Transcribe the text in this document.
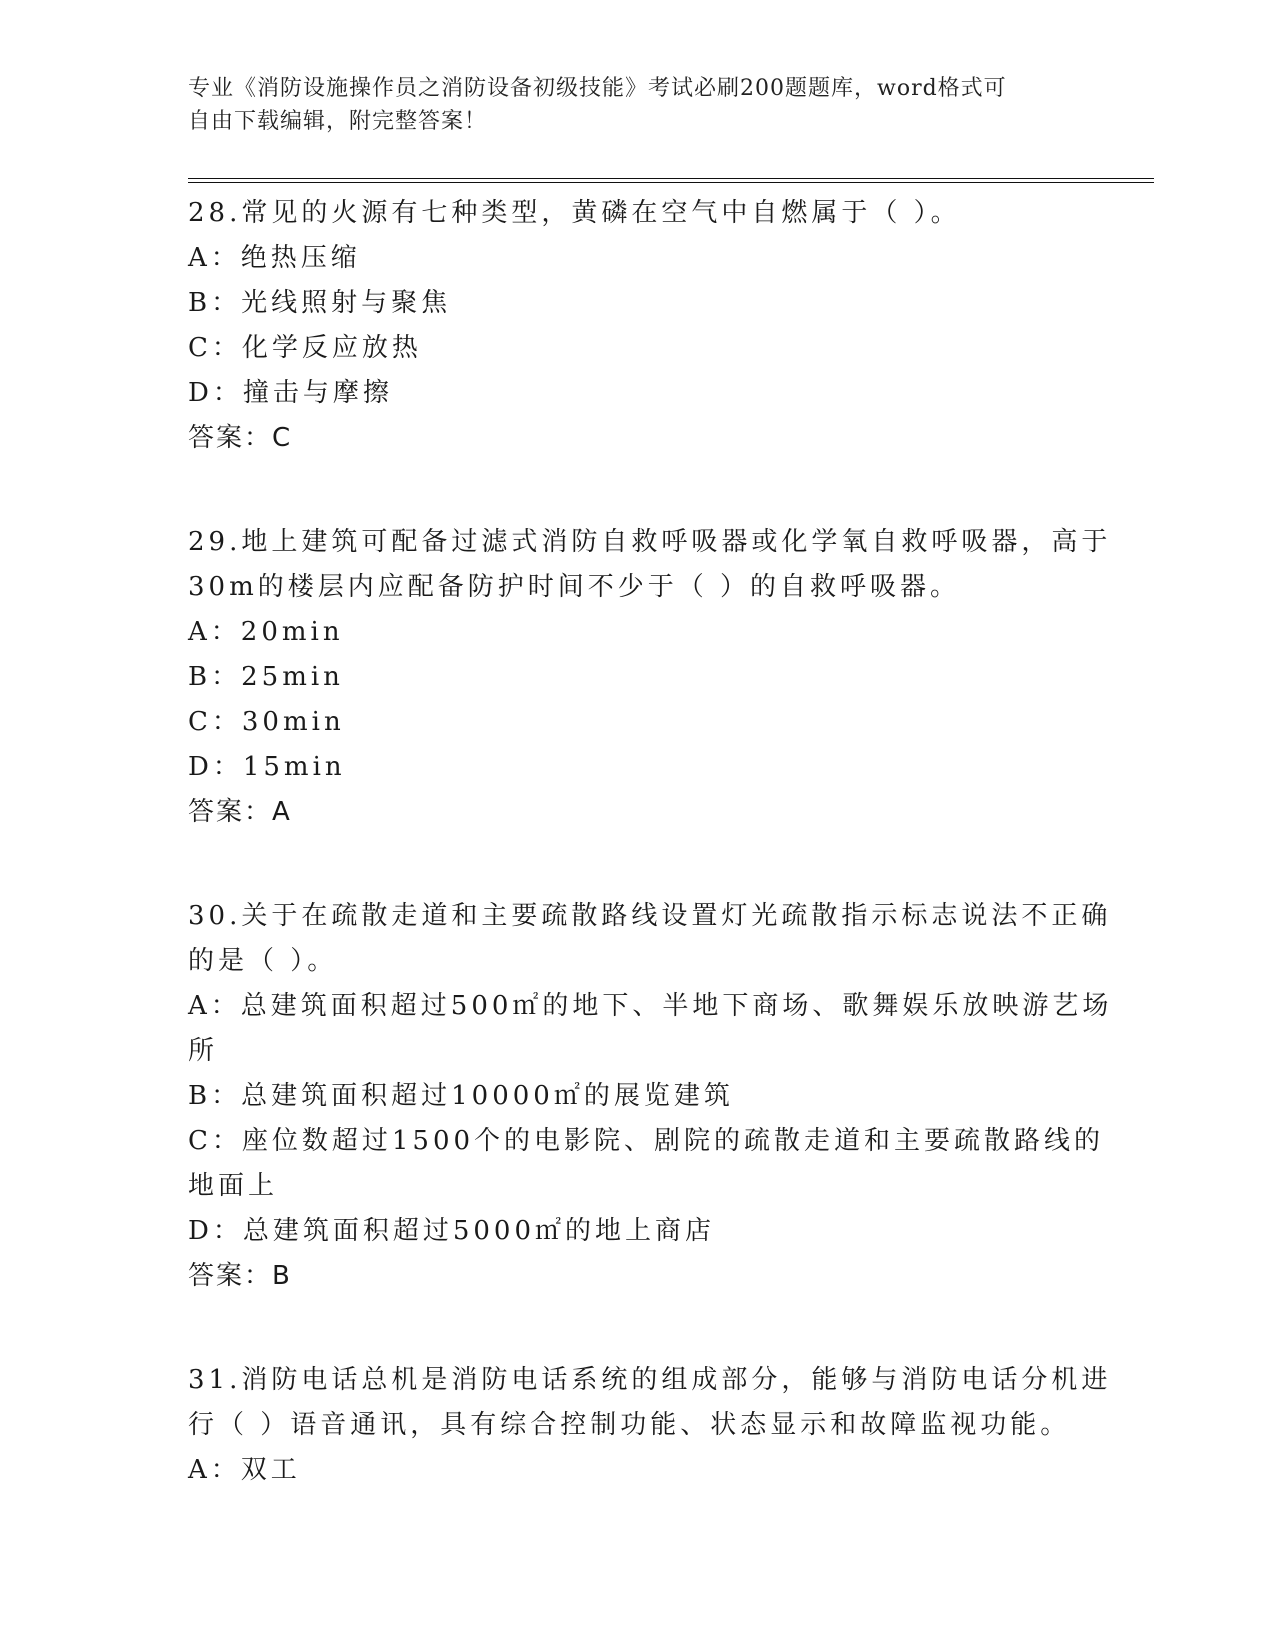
专业《消防设施操作员之消防设备初级技能》考试必刷200题题库，word格式可
自由下载编辑，附完整答案！
28.常见的火源有七种类型，黄磷在空气中自燃属于（ ）。
A：绝热压缩
B：光线照射与聚焦
C：化学反应放热
D：撞击与摩擦
答案：C
29.地上建筑可配备过滤式消防自救呼吸器或化学氧自救呼吸器，高于
30m的楼层内应配备防护时间不少于（ ）的自救呼吸器。
A：20min
B：25min
C：30min
D：15min
答案：A
30.关于在疏散走道和主要疏散路线设置灯光疏散指示标志说法不正确
的是（ ）。
A：总建筑面积超过500㎡的地下、半地下商场、歌舞娱乐放映游艺场
所
B：总建筑面积超过10000㎡的展览建筑
C：座位数超过1500个的电影院、剧院的疏散走道和主要疏散路线的
地面上
D：总建筑面积超过5000㎡的地上商店
答案：B
31.消防电话总机是消防电话系统的组成部分，能够与消防电话分机进
行（ ）语音通讯，具有综合控制功能、状态显示和故障监视功能。
A：双工
